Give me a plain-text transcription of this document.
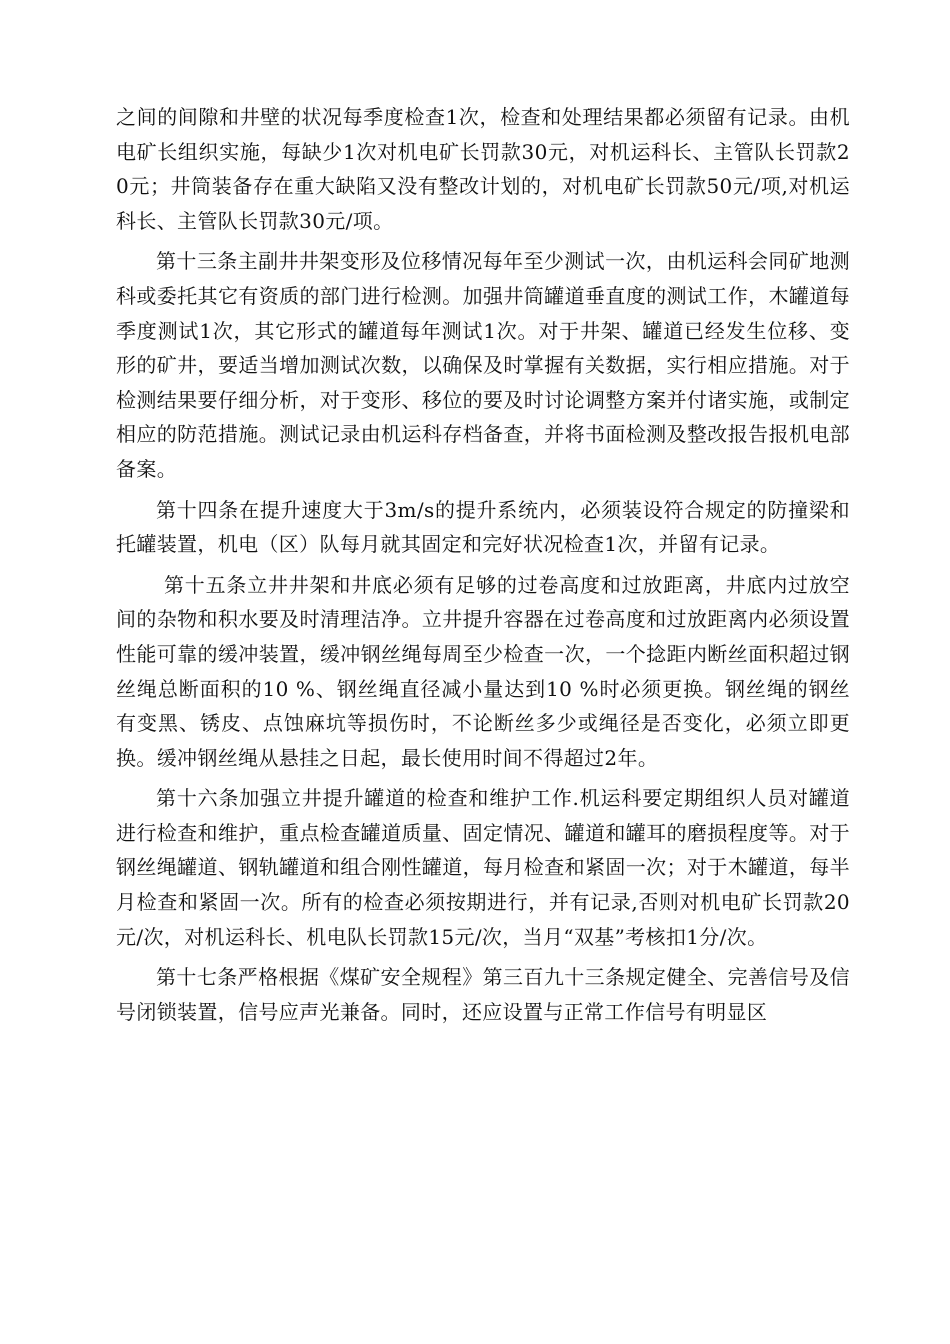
之间的间隙和井壁的状况每季度检查1次，检查和处理结果都必须留有记录。由机电矿长组织实施，每缺少1次对机电矿长罚款30元，对机运科长、主管队长罚款20元；井筒装备存在重大缺陷又没有整改计划的，对机电矿长罚款50元/项,对机运科长、主管队长罚款30元/项。

第十三条主副井井架变形及位移情况每年至少测试一次，由机运科会同矿地测科或委托其它有资质的部门进行检测。加强井筒罐道垂直度的测试工作，木罐道每季度测试1次，其它形式的罐道每年测试1次。对于井架、罐道已经发生位移、变形的矿井，要适当增加测试次数，以确保及时掌握有关数据，实行相应措施。对于检测结果要仔细分析，对于变形、移位的要及时讨论调整方案并付诸实施，或制定相应的防范措施。测试记录由机运科存档备查，并将书面检测及整改报告报机电部备案。

第十四条在提升速度大于3m/s的提升系统内，必须装设符合规定的防撞梁和托罐装置，机电（区）队每月就其固定和完好状况检查1次，并留有记录。

第十五条立井井架和井底必须有足够的过卷高度和过放距离，井底内过放空间的杂物和积水要及时清理洁净。立井提升容器在过卷高度和过放距离内必须设置性能可靠的缓冲装置，缓冲钢丝绳每周至少检查一次，一个捻距内断丝面积超过钢丝绳总断面积的10 %、钢丝绳直径减小量达到10 %时必须更换。钢丝绳的钢丝有变黑、锈皮、点蚀麻坑等损伤时，不论断丝多少或绳径是否变化，必须立即更换。缓冲钢丝绳从悬挂之日起，最长使用时间不得超过2年。

第十六条加强立井提升罐道的检查和维护工作.机运科要定期组织人员对罐道进行检查和维护，重点检查罐道质量、固定情况、罐道和罐耳的磨损程度等。对于钢丝绳罐道、钢轨罐道和组合刚性罐道，每月检查和紧固一次；对于木罐道，每半月检查和紧固一次。所有的检查必须按期进行，并有记录,否则对机电矿长罚款20元/次，对机运科长、机电队长罚款15元/次，当月“双基”考核扣1分/次。

第十七条严格根据《煤矿安全规程》第三百九十三条规定健全、完善信号及信号闭锁装置，信号应声光兼备。同时，还应设置与正常工作信号有明显区
